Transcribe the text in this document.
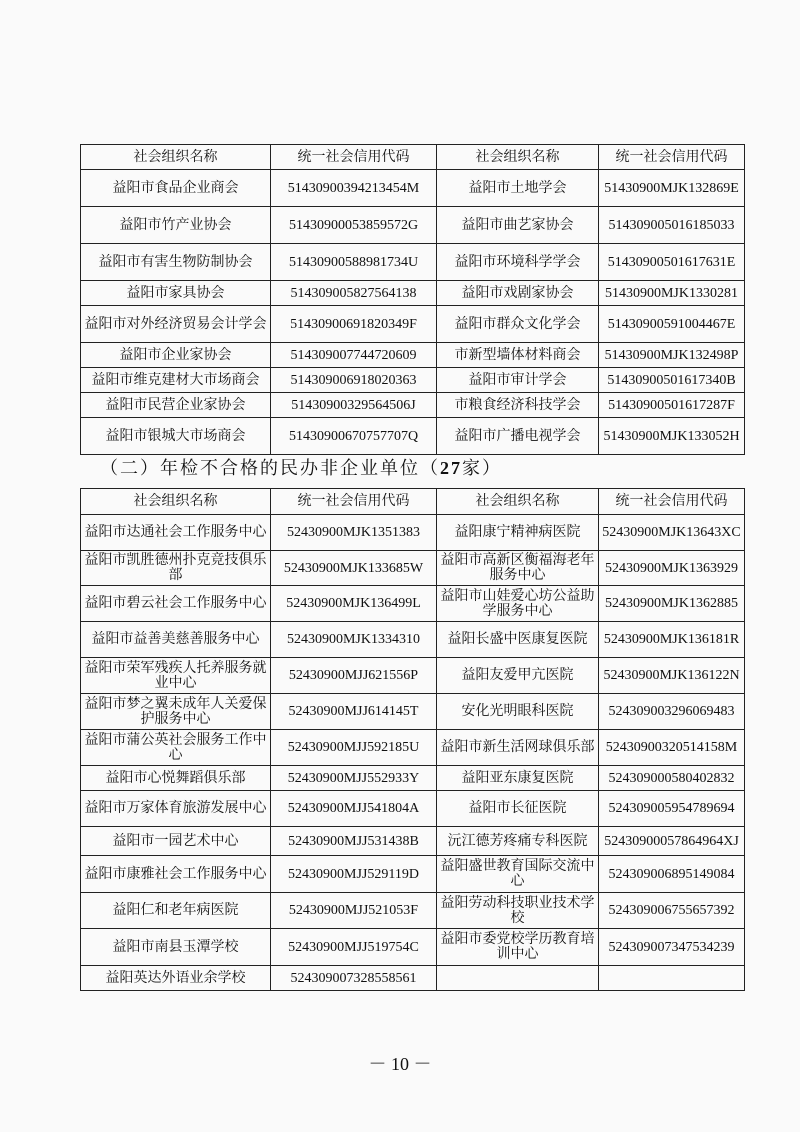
社会组织名称	统一社会信用代码	社会组织名称	统一社会信用代码
益阳市食品企业商会	51430900394213454M	益阳市土地学会	51430900MJK132869E
益阳市竹产业协会	51430900053859572G	益阳市曲艺家协会	514309005016185033
益阳市有害生物防制协会	51430900588981734U	益阳市环境科学学会	51430900501617631E
益阳市家具协会	514309005827564138	益阳市戏剧家协会	51430900MJK1330281
益阳市对外经济贸易会计学会	51430900691820349F	益阳市群众文化学会	51430900591004467E
益阳市企业家协会	514309007744720609	市新型墙体材料商会	51430900MJK132498P
益阳市维克建材大市场商会	514309006918020363	益阳市审计学会	51430900501617340B
益阳市民营企业家协会	51430900329564506J	市粮食经济科技学会	51430900501617287F
益阳市银城大市场商会	51430900670757707Q	益阳市广播电视学会	51430900MJK133052H
（二）年检不合格的民办非企业单位（27家）
社会组织名称	统一社会信用代码	社会组织名称	统一社会信用代码
益阳市达通社会工作服务中心	52430900MJK1351383	益阳康宁精神病医院	52430900MJK13643XC
益阳市凯胜德州扑克竞技俱乐部	52430900MJK133685W	益阳市高新区衡福海老年服务中心	52430900MJK1363929
益阳市碧云社会工作服务中心	52430900MJK136499L	益阳市山娃爱心坊公益助学服务中心	52430900MJK1362885
益阳市益善美慈善服务中心	52430900MJK1334310	益阳长盛中医康复医院	52430900MJK136181R
益阳市荣军残疾人托养服务就业中心	52430900MJJ621556P	益阳友爱甲亢医院	52430900MJK136122N
益阳市梦之翼未成年人关爱保护服务中心	52430900MJJ614145T	安化光明眼科医院	524309003296069483
益阳市蒲公英社会服务工作中心	52430900MJJ592185U	益阳市新生活网球俱乐部	52430900320514158M
益阳市心悦舞蹈俱乐部	52430900MJJ552933Y	益阳亚东康复医院	524309000580402832
益阳市万家体育旅游发展中心	52430900MJJ541804A	益阳市长征医院	524309005954789694
益阳市一园艺术中心	52430900MJJ531438B	沅江德芳疼痛专科医院	52430900057864964XJ
益阳市康雅社会工作服务中心	52430900MJJ529119D	益阳盛世教育国际交流中心	524309006895149084
益阳仁和老年病医院	52430900MJJ521053F	益阳劳动科技职业技术学校	524309006755657392
益阳市南县玉潭学校	52430900MJJ519754C	益阳市委党校学历教育培训中心	524309007347534239
益阳英达外语业余学校	524309007328558561		
－ 10 －
